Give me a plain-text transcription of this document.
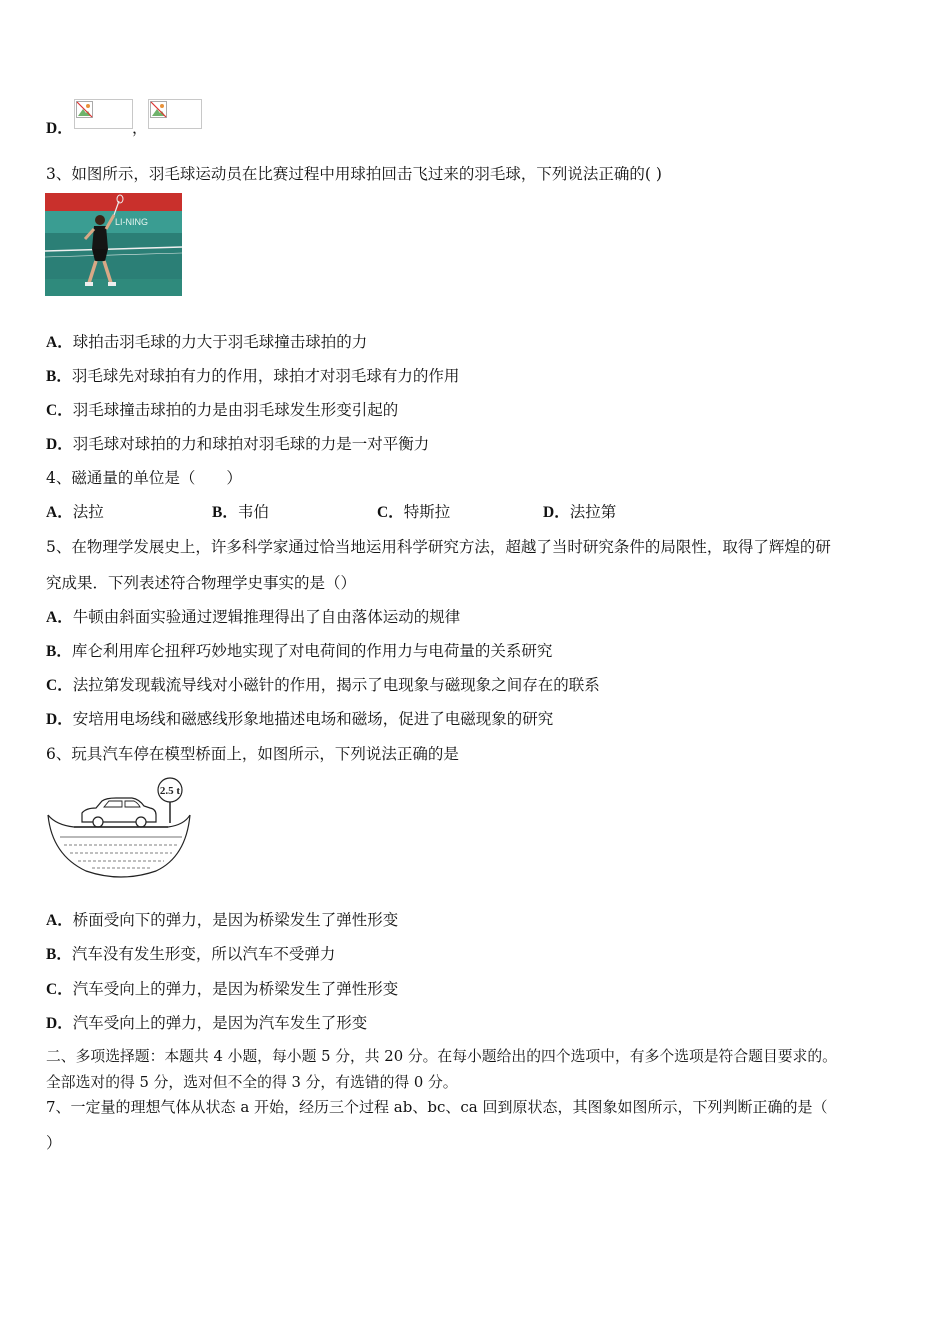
D．	，
3、如图所示，羽毛球运动员在比赛过程中用球拍回击飞过来的羽毛球，下列说法正确的( )
LI-NING
A．球拍击羽毛球的力大于羽毛球撞击球拍的力
B．羽毛球先对球拍有力的作用，球拍才对羽毛球有力的作用
C．羽毛球撞击球拍的力是由羽毛球发生形变引起的
D．羽毛球对球拍的力和球拍对羽毛球的力是一对平衡力
4、磁通量的单位是（　　）
A．法拉	B．韦伯	C．特斯拉	D．法拉第
5、在物理学发展史上，许多科学家通过恰当地运用科学研究方法，超越了当时研究条件的局限性，取得了辉煌的研
究成果．下列表述符合物理学史事实的是（）
A．牛顿由斜面实验通过逻辑推理得出了自由落体运动的规律
B．库仑利用库仑扭秤巧妙地实现了对电荷间的作用力与电荷量的关系研究
C．法拉第发现载流导线对小磁针的作用，揭示了电现象与磁现象之间存在的联系
D．安培用电场线和磁感线形象地描述电场和磁场，促进了电磁现象的研究
6、玩具汽车停在模型桥面上，如图所示，下列说法正确的是
2.5 t
A．桥面受向下的弹力，是因为桥梁发生了弹性形变
B．汽车没有发生形变，所以汽车不受弹力
C．汽车受向上的弹力，是因为桥梁发生了弹性形变
D．汽车受向上的弹力，是因为汽车发生了形变
二、多项选择题：本题共 4 小题，每小题 5 分，共 20 分。在每小题给出的四个选项中，有多个选项是符合题目要求的。
全部选对的得 5 分，选对但不全的得 3 分，有选错的得 0 分。
7、一定量的理想气体从状态 a 开始，经历三个过程 ab、bc、ca 回到原状态，其图象如图所示，下列判断正确的是（
）
